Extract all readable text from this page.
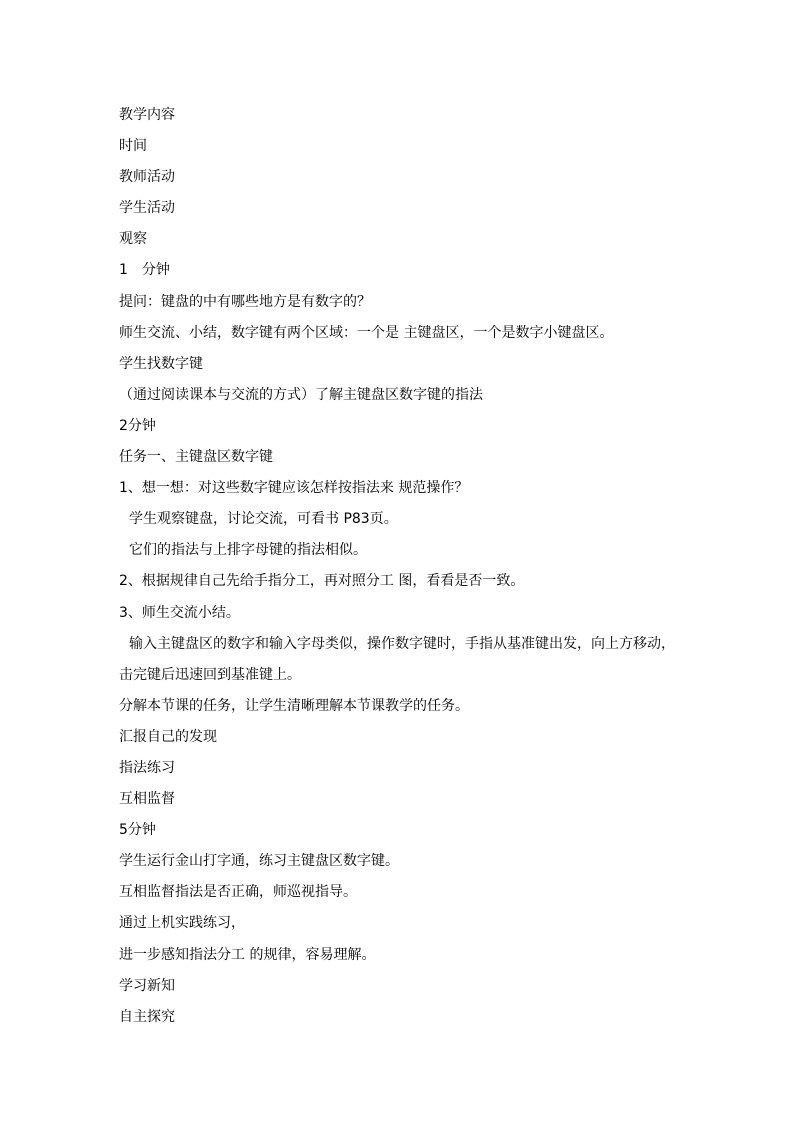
教学内容
时间
教师活动
学生活动
观察
1　分钟
提问：键盘的中有哪些地方是有数字的？
师生交流、小结，数字键有两个区域：一个是 主键盘区，一个是数字小键盘区。
学生找数字键
（通过阅读课本与交流的方式）了解主键盘区数字键的指法
2分钟
任务一、主键盘区数字键
1、想一想：对这些数字键应该怎样按指法来 规范操作？
学生观察键盘，讨论交流，可看书 P83页。
它们的指法与上排字母键的指法相似。
2、根据规律自己先给手指分工，再对照分工 图，看看是否一致。
3、师生交流小结。
输入主键盘区的数字和输入字母类似，操作数字键时，手指从基准键出发，向上方移动，
击完键后迅速回到基准键上。
分解本节课的任务，让学生清晰理解本节课教学的任务。
汇报自己的发现
指法练习
互相监督
5分钟
学生运行金山打字通，练习主键盘区数字键。
互相监督指法是否正确，师巡视指导。
通过上机实践练习，
进一步感知指法分工 的规律，容易理解。
学习新知
自主探究
